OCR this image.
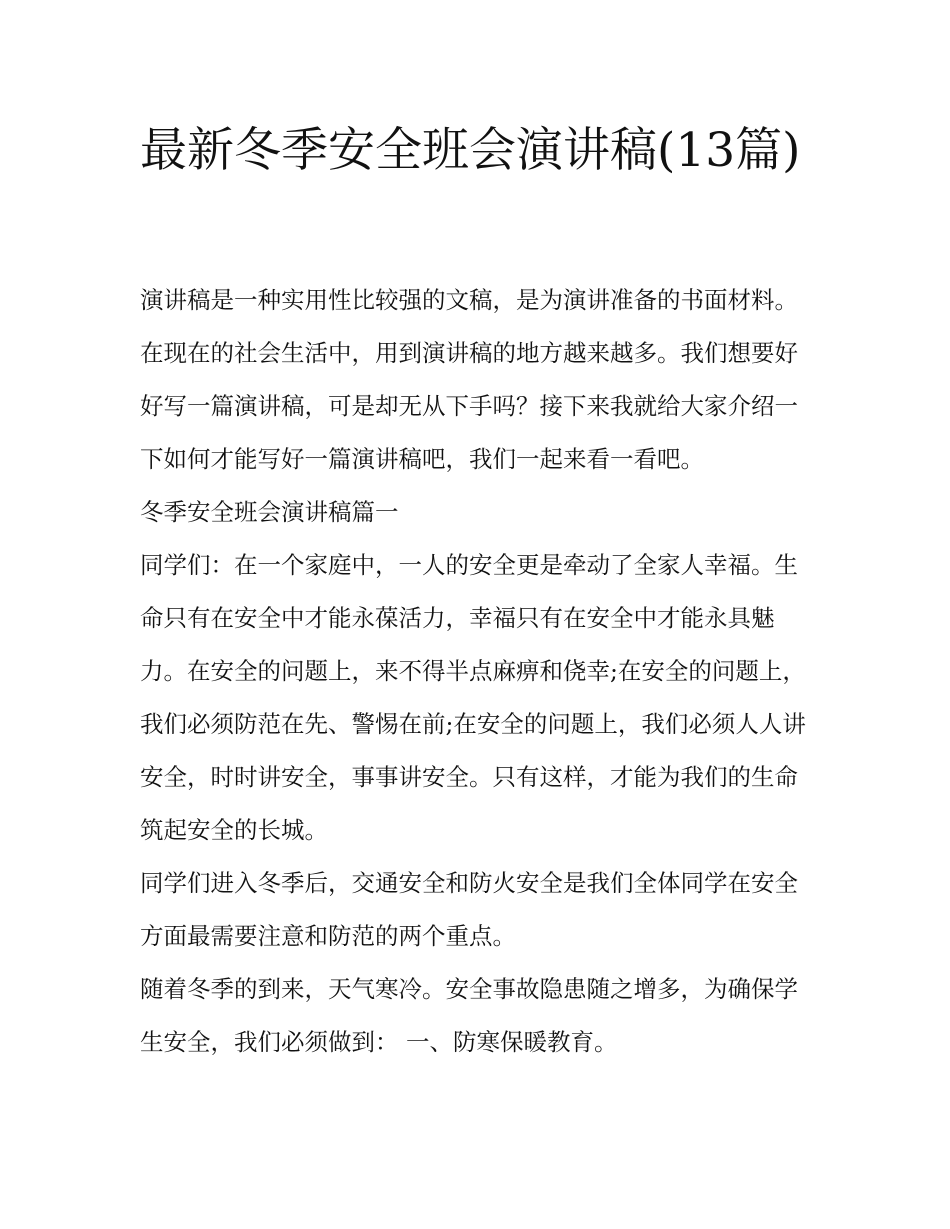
最新冬季安全班会演讲稿(13篇)

演讲稿是一种实用性比较强的文稿，是为演讲准备的书面材料。在现在的社会生活中，用到演讲稿的地方越来越多。我们想要好好写一篇演讲稿，可是却无从下手吗？接下来我就给大家介绍一下如何才能写好一篇演讲稿吧，我们一起来看一看吧。

冬季安全班会演讲稿篇一

同学们：在一个家庭中，一人的安全更是牵动了全家人幸福。生命只有在安全中才能永葆活力，幸福只有在安全中才能永具魅力。在安全的问题上，来不得半点麻痹和侥幸;在安全的问题上，我们必须防范在先、警惕在前;在安全的问题上，我们必须人人讲安全，时时讲安全，事事讲安全。只有这样，才能为我们的生命筑起安全的长城。

同学们进入冬季后，交通安全和防火安全是我们全体同学在安全方面最需要注意和防范的两个重点。

随着冬季的到来，天气寒冷。安全事故隐患随之增多，为确保学生安全，我们必须做到： 一、防寒保暖教育。
